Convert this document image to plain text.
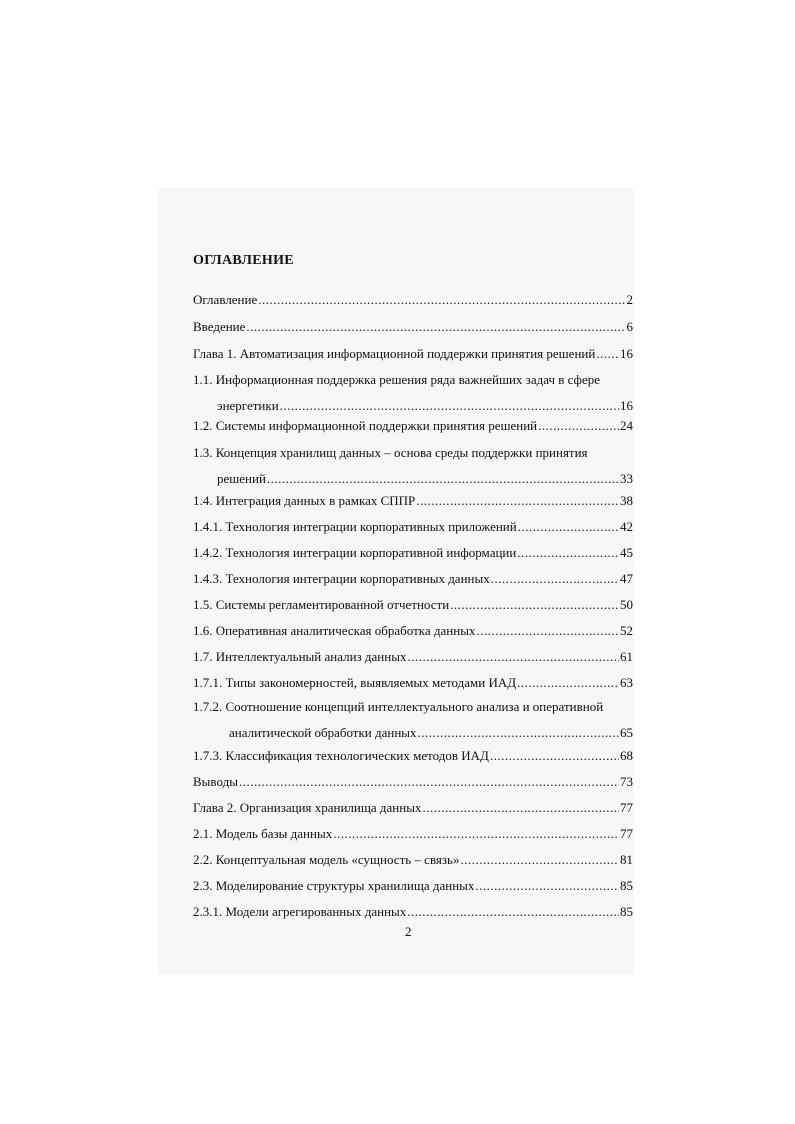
ОГЛАВЛЕНИЕ
Оглавление .....	2
Введение .....	6
Глава 1. Автоматизация информационной поддержки принятия решений ..... 16
1.1. Информационная поддержка решения ряда важнейших задач в сфере
энергетики .....	16
1.2. Системы информационной поддержки принятия решений .....	24
1.3. Концепция хранилищ данных – основа среды поддержки принятия
решений .....	33
1.4. Интеграция данных в рамках СППР .....	38
1.4.1. Технология интеграции корпоративных приложений .....	42
1.4.2. Технология интеграции корпоративной информации .....	45
1.4.3. Технология интеграции корпоративных данных .....	47
1.5. Системы регламентированной отчетности .....	50
1.6. Оперативная аналитическая обработка данных .....	52
1.7. Интеллектуальный анализ данных .....	61
1.7.1. Типы закономерностей, выявляемых методами ИАД .....	63
1.7.2. Соотношение концепций интеллектуального анализа и оперативной
аналитической обработки данных .....	65
1.7.3. Классификация технологических методов ИАД .....	68
Выводы .....	73
Глава 2. Организация хранилища данных .....	77
2.1. Модель базы данных .....	77
2.2. Концептуальная модель «сущность – связь» .....	81
2.3. Моделирование структуры хранилища данных .....	85
2.3.1. Модели агрегированных данных .....	85
2
